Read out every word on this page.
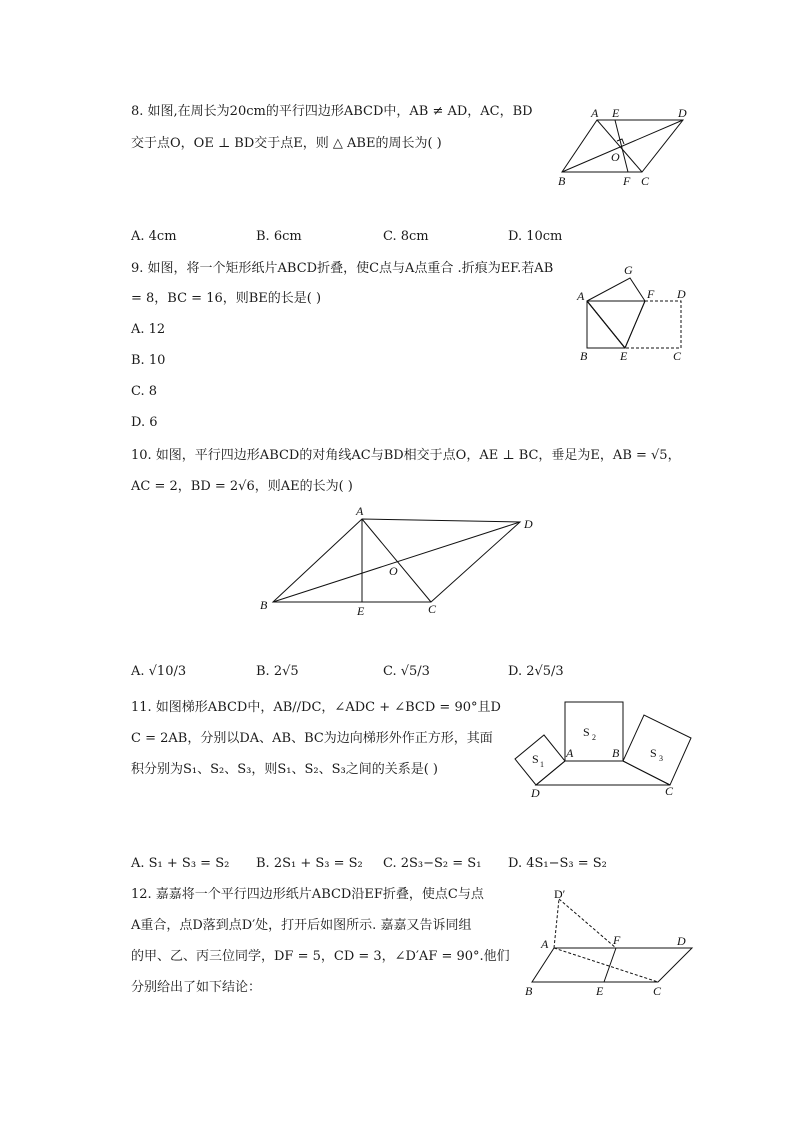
8. 如图,在周长为20cm的平行四边形ABCD中，AB ≠ AD，AC，BD
交于点O，OE ⊥ BD交于点E，则 △ ABE的周长为( )
A E	D
O
B	F C
A. 4cm	B. 6cm	C. 8cm	D. 10cm
9. 如图，将一个矩形纸片ABCD折叠，使C点与A点重合 .折痕为EF.若AB
= 8，BC = 16，则BE的长是( )
A. 12
B. 10
C. 8
D. 6
G
A	F D
B	E	C
10. 如图，平行四边形ABCD的对角线AC与BD相交于点O，AE ⊥ BC，垂足为E，AB = √5，
AC = 2，BD = 2√6，则AE的长为( )
A
D
O
B	E	C
A. √10/3	B. 2√5	C. √5/3	D. 2√5/3
11. 如图梯形ABCD中，AB//DC，∠ADC + ∠BCD = 90°且D
C = 2AB，分别以DA、AB、BC为边向梯形外作正方形，其面
积分别为S₁、S₂、S₃，则S₁、S₂、S₃之间的关系是( )
S 2
S 1
S 3
A	B
D	C
A. S₁ + S₃ = S₂ B. 2S₁ + S₃ = S₂ C. 2S₃−S₂ = S₁ D. 4S₁−S₃ = S₂
12. 嘉嘉将一个平行四边形纸片ABCD沿EF折叠，使点C与点
A重合，点D落到点D′处，打开后如图所示. 嘉嘉又告诉同组
的甲、乙、丙三位同学，DF = 5，CD = 3，∠D′AF = 90°.他们
分别给出了如下结论：
D′
A	F	D
B	E	C
